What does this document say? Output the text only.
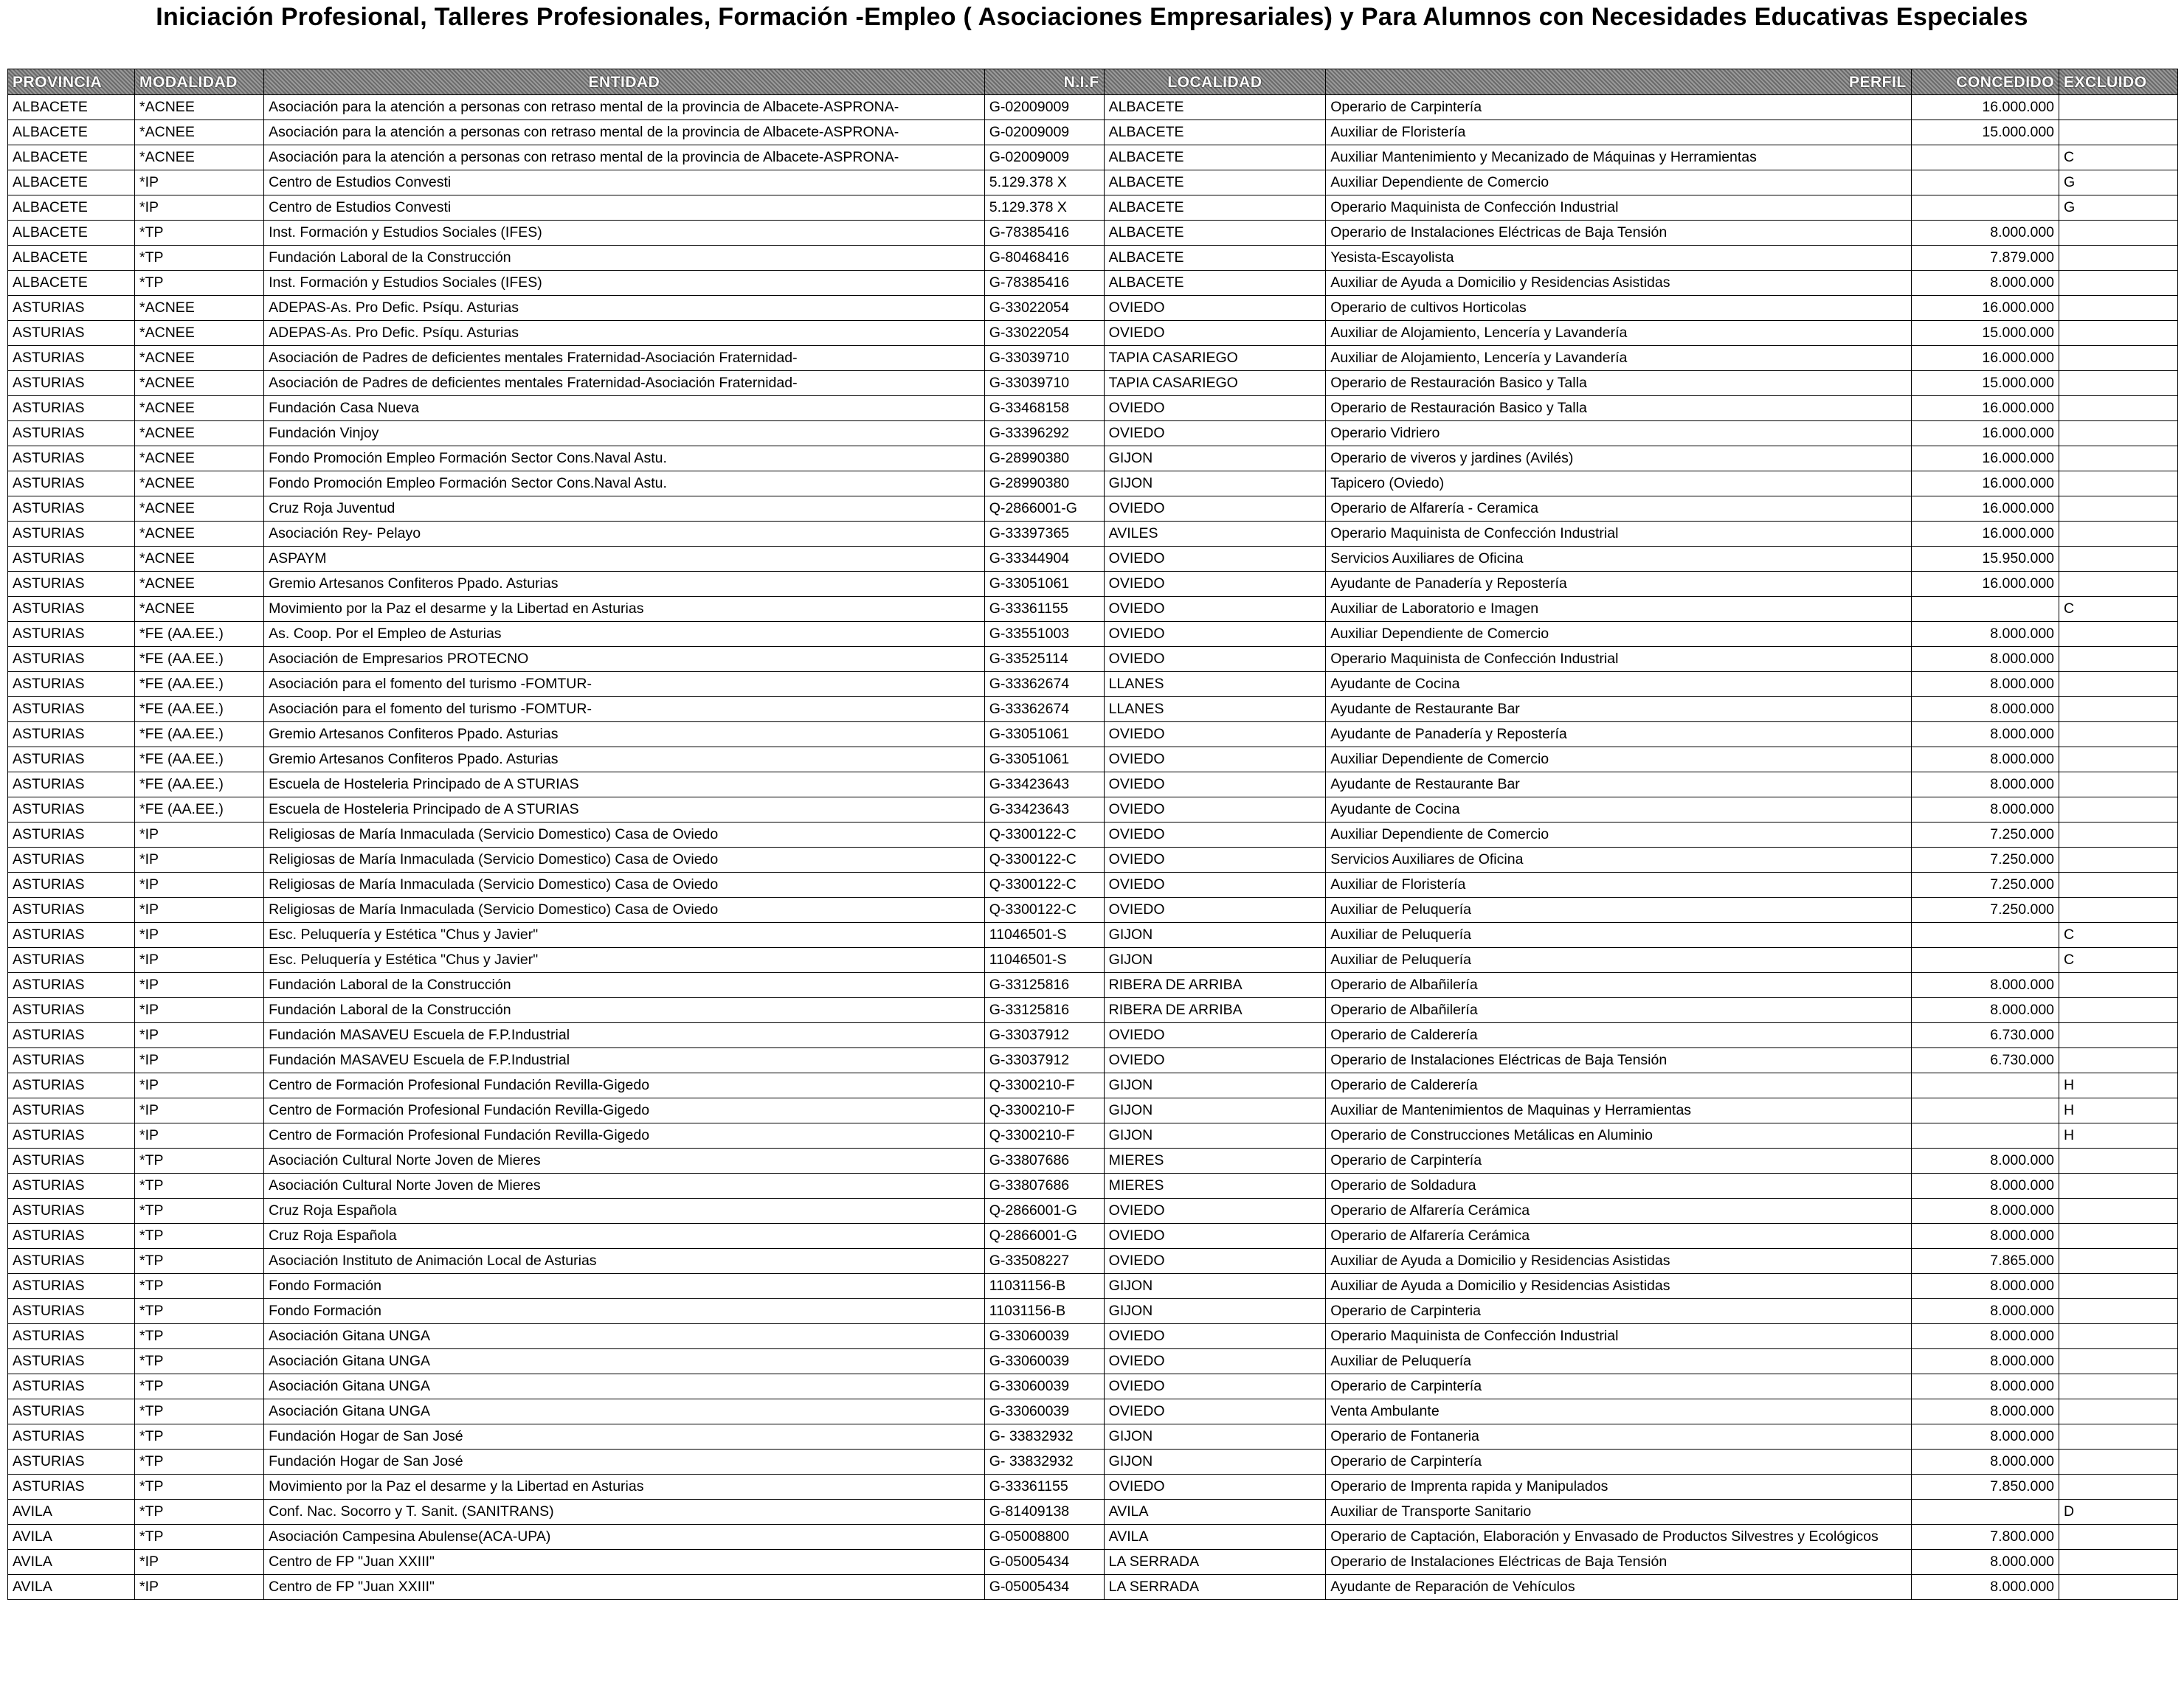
Iniciación Profesional, Talleres Profesionales, Formación -Empleo ( Asociaciones Empresariales) y Para Alumnos con Necesidades Educativas Especiales
PROVINCIA	MODALIDAD	ENTIDAD	N.I.F	LOCALIDAD	PERFIL	CONCEDIDO	EXCLUIDO
ALBACETE	*ACNEE	Asociación para la atención a personas con retraso mental de la provincia de Albacete-ASPRONA-	G-02009009	ALBACETE	Operario de Carpintería	16.000.000	
ALBACETE	*ACNEE	Asociación para la atención a personas con retraso mental de la provincia de Albacete-ASPRONA-	G-02009009	ALBACETE	Auxiliar de Floristería	15.000.000	
ALBACETE	*ACNEE	Asociación para la atención a personas con retraso mental de la provincia de Albacete-ASPRONA-	G-02009009	ALBACETE	Auxiliar Mantenimiento y Mecanizado de Máquinas y Herramientas		C
ALBACETE	*IP	Centro de Estudios Convesti	5.129.378 X	ALBACETE	Auxiliar Dependiente de Comercio		G
ALBACETE	*IP	Centro de Estudios Convesti	5.129.378 X	ALBACETE	Operario Maquinista de Confección Industrial		G
ALBACETE	*TP	Inst. Formación y Estudios Sociales (IFES)	G-78385416	ALBACETE	Operario de Instalaciones Eléctricas de Baja Tensión	8.000.000	
ALBACETE	*TP	Fundación Laboral de la Construcción	G-80468416	ALBACETE	Yesista-Escayolista	7.879.000	
ALBACETE	*TP	Inst. Formación y Estudios Sociales (IFES)	G-78385416	ALBACETE	Auxiliar de Ayuda a Domicilio y Residencias Asistidas	8.000.000	
ASTURIAS	*ACNEE	ADEPAS-As. Pro Defic. Psíqu. Asturias	G-33022054	OVIEDO	Operario de cultivos Horticolas	16.000.000	
ASTURIAS	*ACNEE	ADEPAS-As. Pro Defic. Psíqu. Asturias	G-33022054	OVIEDO	Auxiliar de Alojamiento, Lencería y Lavandería	15.000.000	
ASTURIAS	*ACNEE	Asociación de Padres de deficientes mentales Fraternidad-Asociación Fraternidad-	G-33039710	TAPIA CASARIEGO	Auxiliar de Alojamiento, Lencería y Lavandería	16.000.000	
ASTURIAS	*ACNEE	Asociación de Padres de deficientes mentales Fraternidad-Asociación Fraternidad-	G-33039710	TAPIA CASARIEGO	Operario de Restauración Basico y Talla	15.000.000	
ASTURIAS	*ACNEE	Fundación Casa Nueva	G-33468158	OVIEDO	Operario de Restauración Basico y Talla	16.000.000	
ASTURIAS	*ACNEE	Fundación Vinjoy	G-33396292	OVIEDO	Operario Vidriero	16.000.000	
ASTURIAS	*ACNEE	Fondo Promoción Empleo Formación Sector Cons.Naval Astu.	G-28990380	GIJON	Operario de viveros y jardines (Avilés)	16.000.000	
ASTURIAS	*ACNEE	Fondo Promoción Empleo Formación Sector Cons.Naval Astu.	G-28990380	GIJON	Tapicero (Oviedo)	16.000.000	
ASTURIAS	*ACNEE	Cruz Roja Juventud	Q-2866001-G	OVIEDO	Operario de Alfarería - Ceramica	16.000.000	
ASTURIAS	*ACNEE	Asociación Rey- Pelayo	G-33397365	AVILES	Operario Maquinista de Confección Industrial	16.000.000	
ASTURIAS	*ACNEE	ASPAYM	G-33344904	OVIEDO	Servicios Auxiliares de Oficina	15.950.000	
ASTURIAS	*ACNEE	Gremio Artesanos Confiteros Ppado. Asturias	G-33051061	OVIEDO	Ayudante de Panadería y Repostería	16.000.000	
ASTURIAS	*ACNEE	Movimiento por la Paz el desarme y la Libertad en Asturias	G-33361155	OVIEDO	Auxiliar de Laboratorio e Imagen		C
ASTURIAS	*FE (AA.EE.)	As. Coop. Por el Empleo de Asturias	G-33551003	OVIEDO	Auxiliar Dependiente de Comercio	8.000.000	
ASTURIAS	*FE (AA.EE.)	Asociación de Empresarios PROTECNO	G-33525114	OVIEDO	Operario Maquinista de Confección Industrial	8.000.000	
ASTURIAS	*FE (AA.EE.)	Asociación para el fomento del turismo -FOMTUR-	G-33362674	LLANES	Ayudante de Cocina	8.000.000	
ASTURIAS	*FE (AA.EE.)	Asociación para el fomento del turismo -FOMTUR-	G-33362674	LLANES	Ayudante de Restaurante Bar	8.000.000	
ASTURIAS	*FE (AA.EE.)	Gremio Artesanos Confiteros Ppado. Asturias	G-33051061	OVIEDO	Ayudante de Panadería y Repostería	8.000.000	
ASTURIAS	*FE (AA.EE.)	Gremio Artesanos Confiteros Ppado. Asturias	G-33051061	OVIEDO	Auxiliar Dependiente de Comercio	8.000.000	
ASTURIAS	*FE (AA.EE.)	Escuela de Hosteleria Principado de A STURIAS	G-33423643	OVIEDO	Ayudante de Restaurante Bar	8.000.000	
ASTURIAS	*FE (AA.EE.)	Escuela de Hosteleria Principado de A STURIAS	G-33423643	OVIEDO	Ayudante de Cocina	8.000.000	
ASTURIAS	*IP	Religiosas de María Inmaculada (Servicio Domestico) Casa de Oviedo	Q-3300122-C	OVIEDO	Auxiliar Dependiente de Comercio	7.250.000	
ASTURIAS	*IP	Religiosas de María Inmaculada (Servicio Domestico) Casa de Oviedo	Q-3300122-C	OVIEDO	Servicios Auxiliares de Oficina	7.250.000	
ASTURIAS	*IP	Religiosas de María Inmaculada (Servicio Domestico) Casa de Oviedo	Q-3300122-C	OVIEDO	Auxiliar de Floristería	7.250.000	
ASTURIAS	*IP	Religiosas de María Inmaculada (Servicio Domestico) Casa de Oviedo	Q-3300122-C	OVIEDO	Auxiliar de Peluquería	7.250.000	
ASTURIAS	*IP	Esc. Peluquería y Estética "Chus y Javier"	11046501-S	GIJON	Auxiliar de Peluquería		C
ASTURIAS	*IP	Esc. Peluquería y Estética "Chus y Javier"	11046501-S	GIJON	Auxiliar de Peluquería		C
ASTURIAS	*IP	Fundación Laboral de la Construcción	G-33125816	RIBERA DE ARRIBA	Operario de Albañilería	8.000.000	
ASTURIAS	*IP	Fundación Laboral de la Construcción	G-33125816	RIBERA DE ARRIBA	Operario de Albañilería	8.000.000	
ASTURIAS	*IP	Fundación MASAVEU Escuela de F.P.Industrial	G-33037912	OVIEDO	Operario de Calderería	6.730.000	
ASTURIAS	*IP	Fundación MASAVEU Escuela de F.P.Industrial	G-33037912	OVIEDO	Operario de Instalaciones Eléctricas de Baja Tensión	6.730.000	
ASTURIAS	*IP	Centro de Formación Profesional Fundación Revilla-Gigedo	Q-3300210-F	GIJON	Operario de Calderería		H
ASTURIAS	*IP	Centro de Formación Profesional Fundación Revilla-Gigedo	Q-3300210-F	GIJON	Auxiliar de Mantenimientos de Maquinas y Herramientas		H
ASTURIAS	*IP	Centro de Formación Profesional Fundación Revilla-Gigedo	Q-3300210-F	GIJON	Operario de Construcciones Metálicas en Aluminio		H
ASTURIAS	*TP	Asociación Cultural Norte Joven de Mieres	G-33807686	MIERES	Operario de Carpintería	8.000.000	
ASTURIAS	*TP	Asociación Cultural Norte Joven de Mieres	G-33807686	MIERES	Operario de Soldadura	8.000.000	
ASTURIAS	*TP	Cruz Roja Española	Q-2866001-G	OVIEDO	Operario de Alfarería Cerámica	8.000.000	
ASTURIAS	*TP	Cruz Roja Española	Q-2866001-G	OVIEDO	Operario de Alfarería Cerámica	8.000.000	
ASTURIAS	*TP	Asociación Instituto de Animación Local de Asturias	G-33508227	OVIEDO	Auxiliar de Ayuda a Domicilio y Residencias Asistidas	7.865.000	
ASTURIAS	*TP	Fondo Formación	11031156-B	GIJON	Auxiliar de Ayuda a Domicilio y Residencias Asistidas	8.000.000	
ASTURIAS	*TP	Fondo Formación	11031156-B	GIJON	Operario de Carpinteria	8.000.000	
ASTURIAS	*TP	Asociación Gitana UNGA	G-33060039	OVIEDO	Operario Maquinista de Confección Industrial	8.000.000	
ASTURIAS	*TP	Asociación Gitana UNGA	G-33060039	OVIEDO	Auxiliar de Peluquería	8.000.000	
ASTURIAS	*TP	Asociación Gitana UNGA	G-33060039	OVIEDO	Operario de Carpintería	8.000.000	
ASTURIAS	*TP	Asociación Gitana UNGA	G-33060039	OVIEDO	Venta Ambulante	8.000.000	
ASTURIAS	*TP	Fundación Hogar de San José	G- 33832932	GIJON	Operario de Fontaneria	8.000.000	
ASTURIAS	*TP	Fundación Hogar de San José	G- 33832932	GIJON	Operario de Carpintería	8.000.000	
ASTURIAS	*TP	Movimiento por la Paz el desarme y la Libertad en Asturias	G-33361155	OVIEDO	Operario de Imprenta rapida y Manipulados	7.850.000	
AVILA	*TP	Conf. Nac. Socorro y T. Sanit. (SANITRANS)	G-81409138	AVILA	Auxiliar de Transporte Sanitario		D
AVILA	*TP	Asociación Campesina Abulense(ACA-UPA)	G-05008800	AVILA	Operario de Captación, Elaboración y Envasado de Productos Silvestres y Ecológicos	7.800.000	
AVILA	*IP	Centro de FP "Juan XXIII"	G-05005434	LA SERRADA	Operario de Instalaciones Eléctricas de Baja Tensión	8.000.000	
AVILA	*IP	Centro de FP "Juan XXIII"	G-05005434	LA SERRADA	Ayudante de Reparación de Vehículos	8.000.000	
